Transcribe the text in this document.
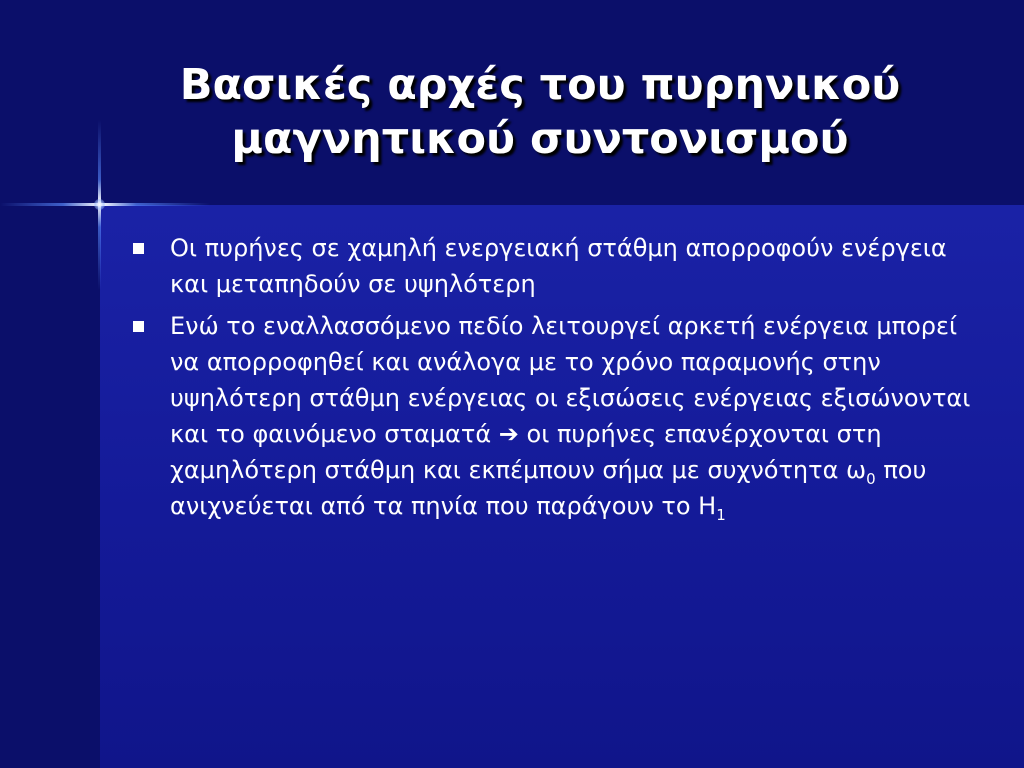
Βασικές αρχές του πυρηνικού
μαγνητικού συντονισμού
Οι πυρήνες σε χαμηλή ενεργειακή στάθμη απορροφούν ενέργεια και μεταπηδούν σε υψηλότερη
Ενώ το εναλλασσόμενο πεδίο λειτουργεί αρκετή ενέργεια μπορεί να απορροφηθεί και ανάλογα με το χρόνο παραμονής στην υψηλότερη στάθμη ενέργειας οι εξισώσεις ενέργειας εξισώνονται και το φαινόμενο σταματά ➔ οι πυρήνες επανέρχονται στη χαμηλότερη στάθμη και εκπέμπουν σήμα με συχνότητα $\omega_0$ που ανιχνεύεται από τα πηνία που παράγουν το $H_1$
